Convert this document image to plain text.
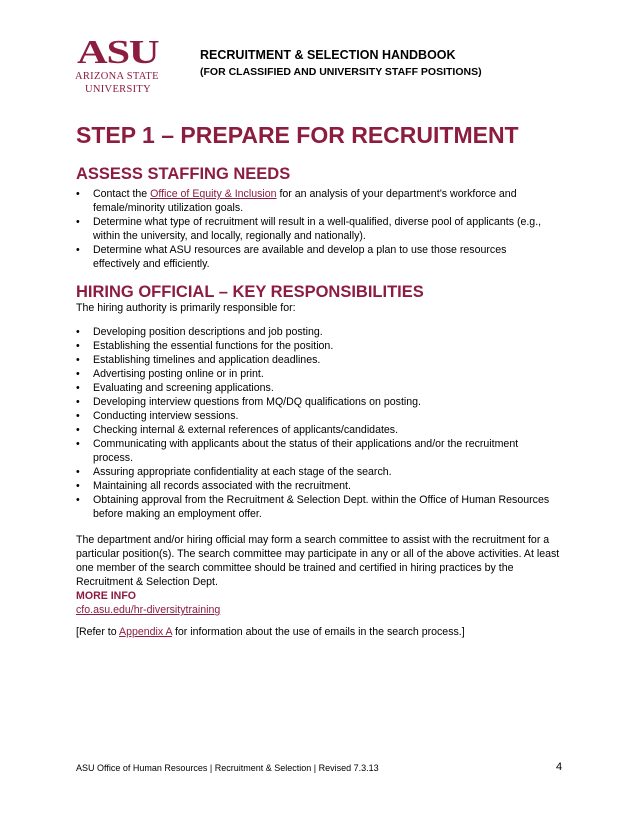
ASU
ARIZONA STATE
UNIVERSITY

RECRUITMENT & SELECTION HANDBOOK

(FOR CLASSIFIED AND UNIVERSITY STAFF POSITIONS)

STEP 1 – PREPARE FOR RECRUITMENT
ASSESS STAFFING NEEDS
• Contact the Office of Equity & Inclusion for an analysis of your department’s workforce and female/minority utilization goals.
• Determine what type of recruitment will result in a well-qualified, diverse pool of applicants (e.g., within the university, and locally, regionally and nationally).
• Determine what ASU resources are available and develop a plan to use those resources effectively and efficiently.
HIRING OFFICIAL – KEY RESPONSIBILITIES

The hiring authority is primarily responsible for:

• Developing position descriptions and job posting.
• Establishing the essential functions for the position.
• Establishing timelines and application deadlines.
• Advertising posting online or in print.
• Evaluating and screening applications.
• Developing interview questions from MQ/DQ qualifications on posting.
• Conducting interview sessions.
• Checking internal & external references of applicants/candidates.
• Communicating with applicants about the status of their applications and/or the recruitment process.
• Assuring appropriate confidentiality at each stage of the search.
• Maintaining all records associated with the recruitment.
• Obtaining approval from the Recruitment & Selection Dept. within the Office of Human Resources before making an employment offer.

The department and/or hiring official may form a search committee to assist with the recruitment for a particular position(s). The search committee may participate in any or all of the above activities. At least one member of the search committee should be trained and certified in hiring practices by the Recruitment & Selection Dept.

MORE INFO

cfo.asu.edu/hr-diversitytraining

[Refer to Appendix A for information about the use of emails in the search process.]

ASU Office of Human Resources | Recruitment & Selection | Revised 7.3.13	4
